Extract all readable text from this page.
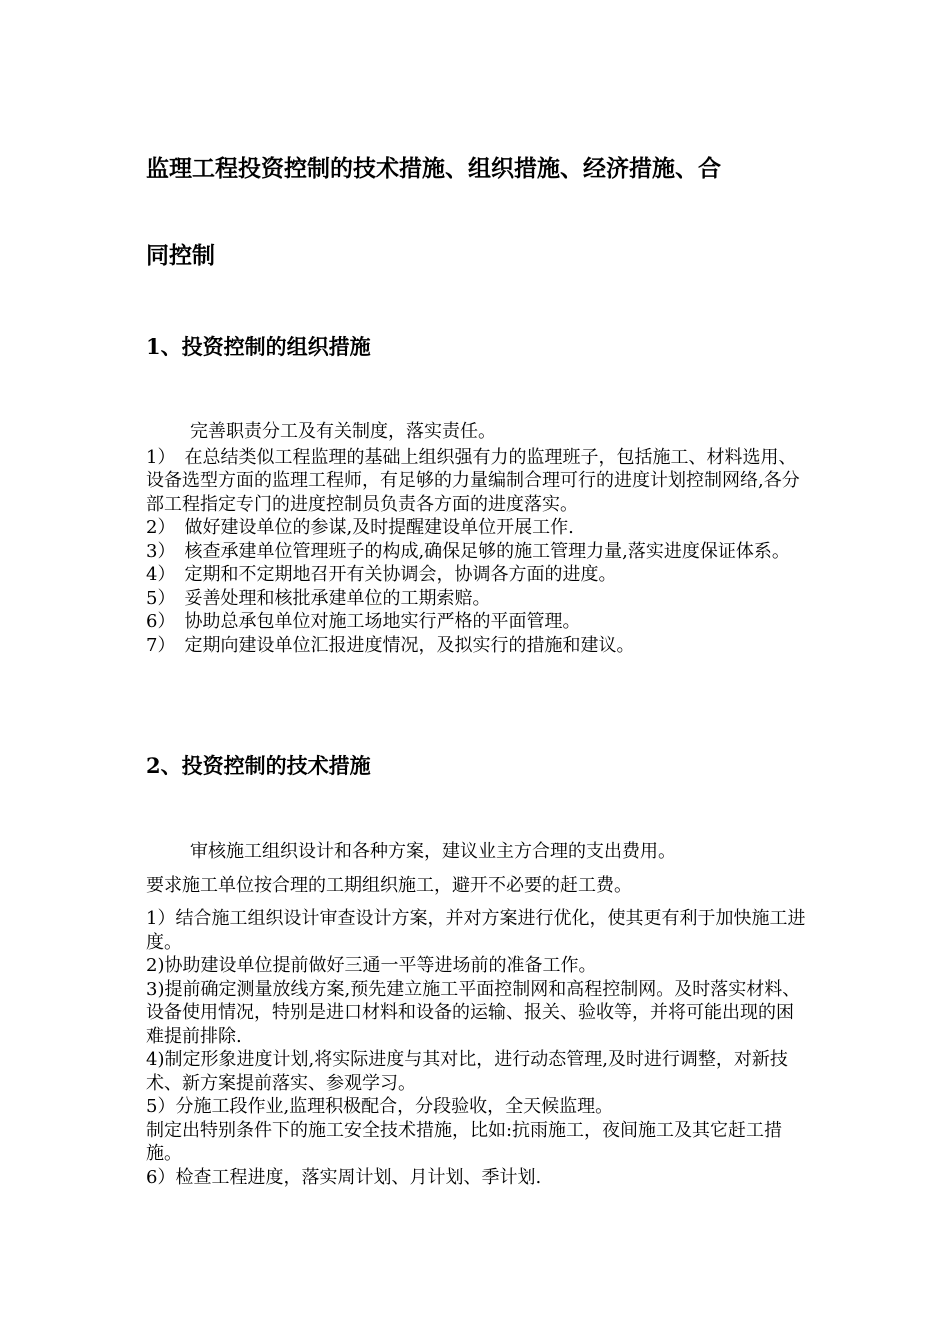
监理工程投资控制的技术措施、组织措施、经济措施、合
同控制
1、投资控制的组织措施

完善职责分工及有关制度，落实责任。

1）　在总结类似工程监理的基础上组织强有力的监理班子，包括施工、材料选用、设备选型方面的监理工程师，有足够的力量编制合理可行的进度计划控制网络,各分部工程指定专门的进度控制员负责各方面的进度落实。

2）　做好建设单位的参谋,及时提醒建设单位开展工作.

3）　核查承建单位管理班子的构成,确保足够的施工管理力量,落实进度保证体系。

4）　定期和不定期地召开有关协调会，协调各方面的进度。

5）　妥善处理和核批承建单位的工期索赔。

6）　协助总承包单位对施工场地实行严格的平面管理。

7）　定期向建设单位汇报进度情况，及拟实行的措施和建议。

2、投资控制的技术措施

审核施工组织设计和各种方案，建议业主方合理的支出费用。

要求施工单位按合理的工期组织施工，避开不必要的赶工费。

1）结合施工组织设计审查设计方案，并对方案进行优化，使其更有利于加快施工进度。

2)协助建设单位提前做好三通一平等进场前的准备工作。

3)提前确定测量放线方案,预先建立施工平面控制网和高程控制网。及时落实材料、设备使用情况，特别是进口材料和设备的运输、报关、验收等，并将可能出现的困难提前排除.

4)制定形象进度计划,将实际进度与其对比，进行动态管理,及时进行调整，对新技术、新方案提前落实、参观学习。

5）分施工段作业,监理积极配合，分段验收，全天候监理。

制定出特别条件下的施工安全技术措施，比如:抗雨施工，夜间施工及其它赶工措施。

6）检查工程进度，落实周计划、月计划、季计划.
